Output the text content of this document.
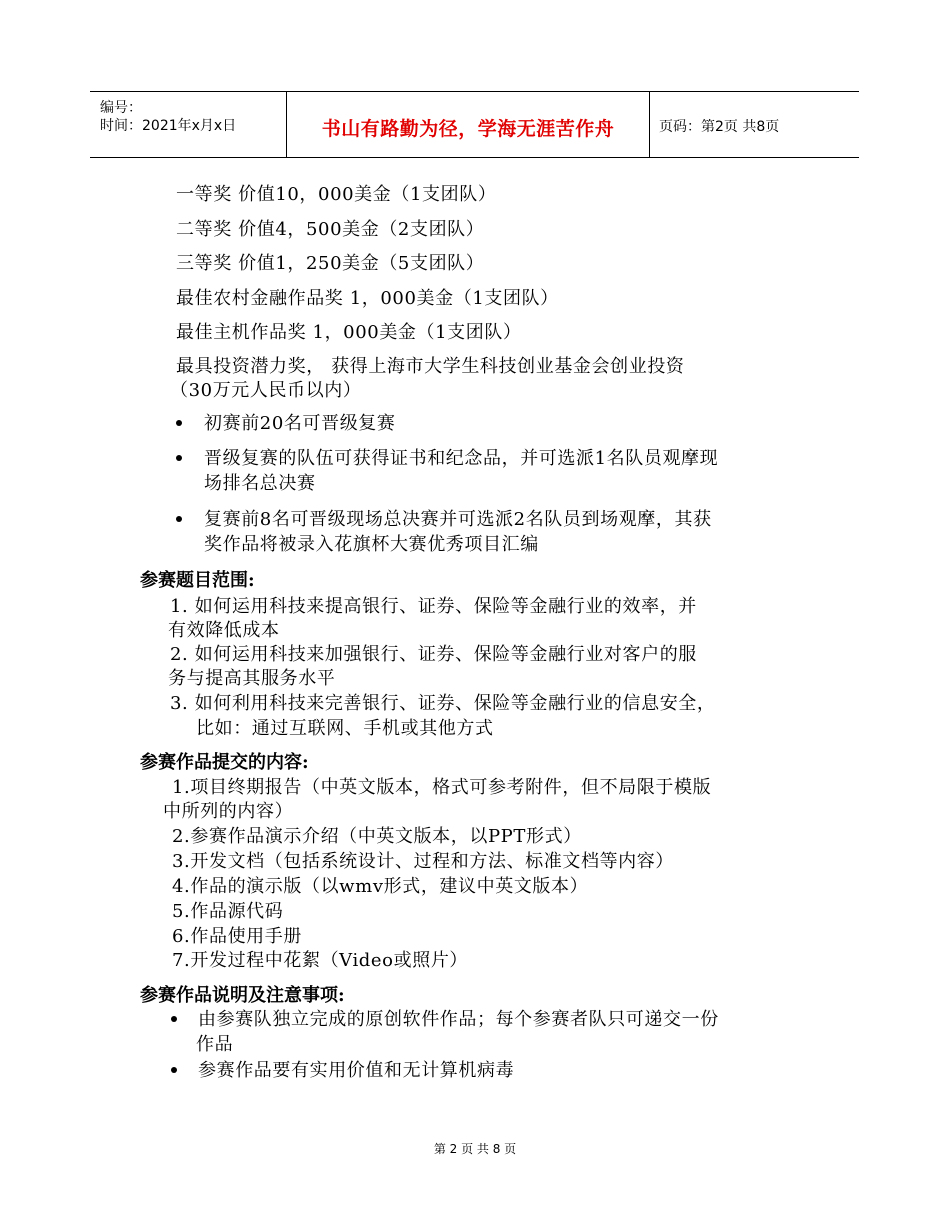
编号：
时间：2021年x月x日	书山有路勤为径，学海无涯苦作舟	页码：第2页 共8页
一等奖 价值10，000美金（1支团队）
二等奖 价值4，500美金（2支团队）
三等奖 价值1，250美金（5支团队）
最佳农村金融作品奖 1，000美金（1支团队）
最佳主机作品奖 1，000美金（1支团队）
最具投资潜力奖， 获得上海市大学生科技创业基金会创业投资
（30万元人民币以内）
初赛前20名可晋级复赛
晋级复赛的队伍可获得证书和纪念品，并可选派1名队员观摩现
场排名总决赛
复赛前8名可晋级现场总决赛并可选派2名队员到场观摩，其获
奖作品将被录入花旗杯大赛优秀项目汇编
参赛题目范围:
1. 如何运用科技来提高银行、证券、保险等金融行业的效率，并
有效降低成本
2. 如何运用科技来加强银行、证券、保险等金融行业对客户的服
务与提高其服务水平
3. 如何利用科技来完善银行、证券、保险等金融行业的信息安全，
比如：通过互联网、手机或其他方式
参赛作品提交的内容:
1.项目终期报告（中英文版本，格式可参考附件，但不局限于模版
中所列的内容）
2.参赛作品演示介绍（中英文版本，以PPT形式）
3.开发文档（包括系统设计、过程和方法、标准文档等内容）
4.作品的演示版（以wmv形式，建议中英文版本）
5.作品源代码
6.作品使用手册
7.开发过程中花絮（Video或照片）
参赛作品说明及注意事项:
由参赛队独立完成的原创软件作品；每个参赛者队只可递交一份
作品
参赛作品要有实用价值和无计算机病毒
第 2 页 共 8 页
